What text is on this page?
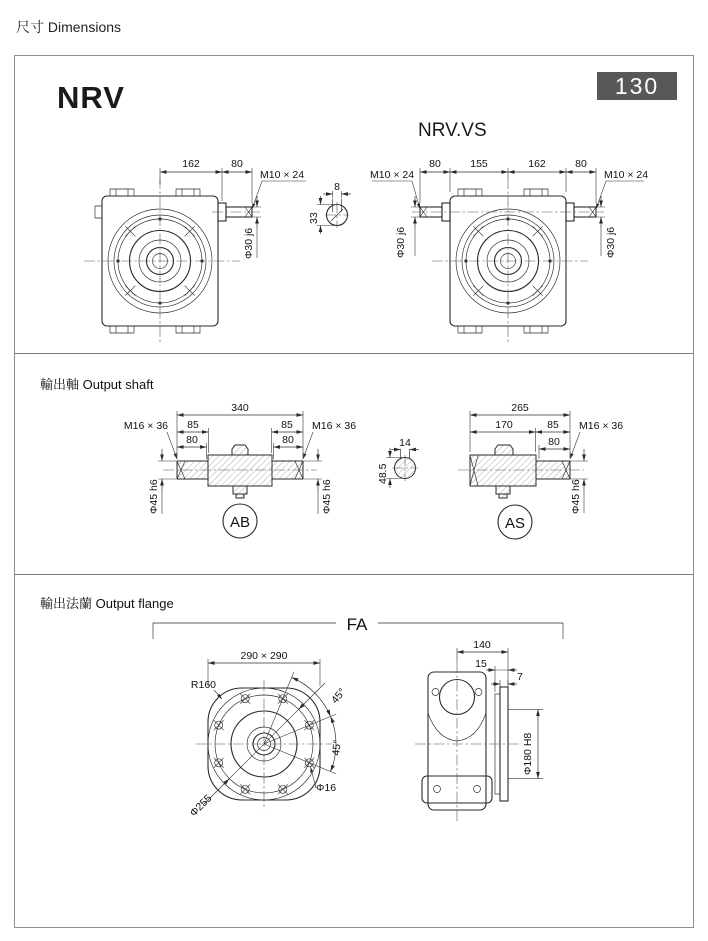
尺寸 Dimensions
NRV	130
NRV.VS
輸出軸 Output shaft
輸出法蘭 Output flange
162	80
M10 × 24
Φ30 j6
8
33
80	155	162	80
M10 × 24	M10 × 24
Φ30 j6	Φ30 j6
340
85
80
85
80
M16 × 36	M16 × 36
Φ45 h6	Φ45 h6
AB
14
48.5
265
170	85
80
M16 × 36
Φ45 h6
AS
FA
45°
45°
290 × 290
R160
Φ255
Φ16
140
15
7
Φ180 H8
